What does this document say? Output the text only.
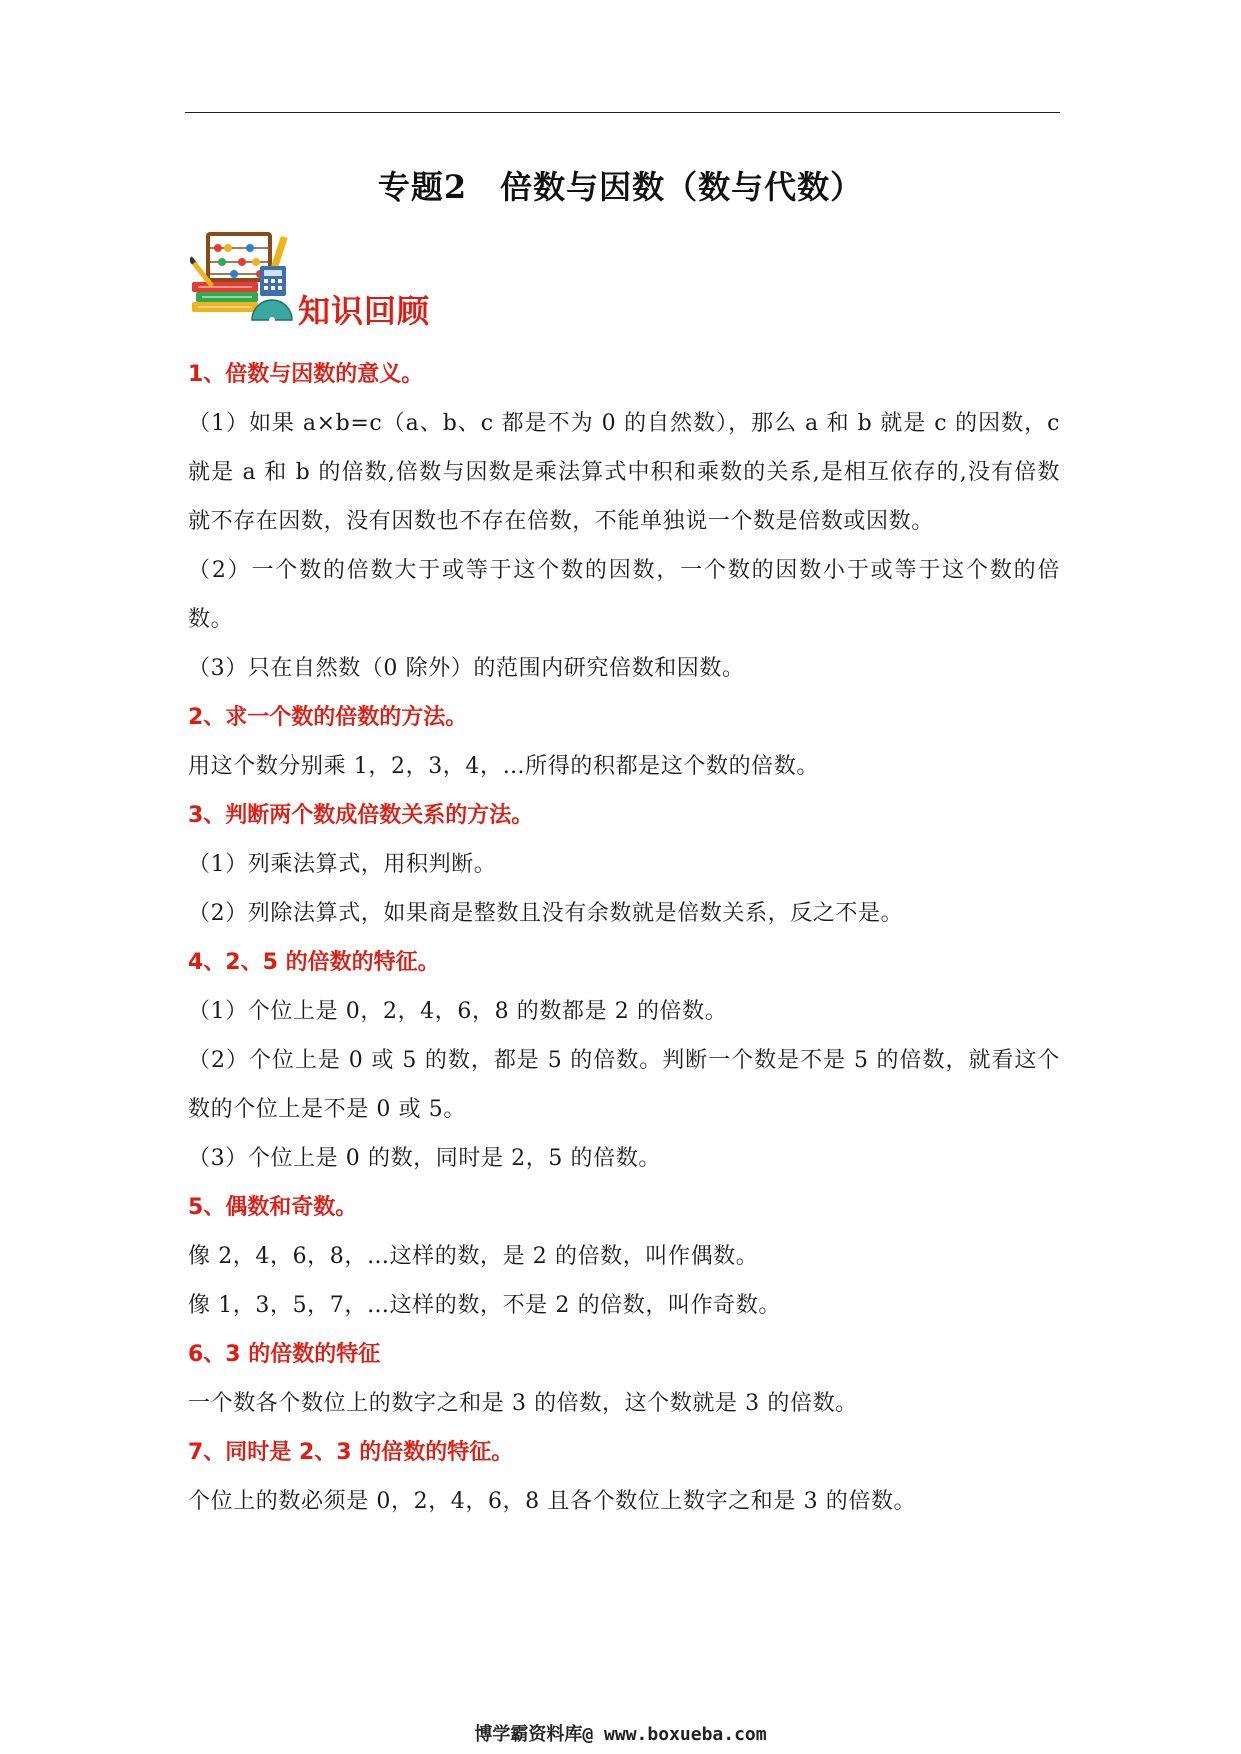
专题2　倍数与因数（数与代数）
知识回顾
1、倍数与因数的意义。
（1）如果 a×b=c（a、b、c 都是不为 0 的自然数），那么 a 和 b 就是 c 的因数，c 就是 a 和 b 的倍数,倍数与因数是乘法算式中积和乘数的关系,是相互依存的,没有倍数就不存在因数，没有因数也不存在倍数，不能单独说一个数是倍数或因数。
（2）一个数的倍数大于或等于这个数的因数，一个数的因数小于或等于这个数的倍数。
（3）只在自然数（0 除外）的范围内研究倍数和因数。
2、求一个数的倍数的方法。
用这个数分别乘 1，2，3，4，…所得的积都是这个数的倍数。
3、判断两个数成倍数关系的方法。
（1）列乘法算式，用积判断。
（2）列除法算式，如果商是整数且没有余数就是倍数关系，反之不是。
4、2、5 的倍数的特征。
（1）个位上是 0，2，4，6，8 的数都是 2 的倍数。
（2）个位上是 0 或 5 的数，都是 5 的倍数。判断一个数是不是 5 的倍数，就看这个数的个位上是不是 0 或 5。
（3）个位上是 0 的数，同时是 2，5 的倍数。
5、偶数和奇数。
像 2，4，6，8，…这样的数，是 2 的倍数，叫作偶数。
像 1，3，5，7，…这样的数，不是 2 的倍数，叫作奇数。
6、3 的倍数的特征
一个数各个数位上的数字之和是 3 的倍数，这个数就是 3 的倍数。
7、同时是 2、3 的倍数的特征。
个位上的数必须是 0，2，4，6，8 且各个数位上数字之和是 3 的倍数。
博学霸资料库@ www.boxueba.com
